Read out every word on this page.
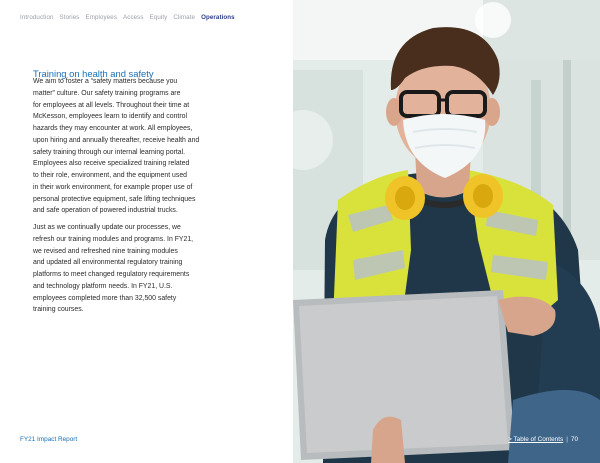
Introduction Stories Employees Access Equity Climate Operations
Training on health and safety

We aim to foster a “safety matters because you
matter” culture. Our safety training programs are
for employees at all levels. Throughout their time at
McKesson, employees learn to identify and control
hazards they may encounter at work. All employees,
upon hiring and annually thereafter, receive health and
safety training through our internal learning portal.
Employees also receive specialized training related
to their role, environment, and the equipment used
in their work environment, for example proper use of
personal protective equipment, safe lifting techniques
and safe operation of powered industrial trucks.

Just as we continually update our processes, we
refresh our training modules and programs. In FY21,
we revised and refreshed nine training modules
and updated all environmental regulatory training
platforms to meet changed regulatory requirements
and technology platform needs. In FY21, U.S.
employees completed more than 32,500 safety
training courses.

FY21 Impact Report	> Table of Contents | 70
